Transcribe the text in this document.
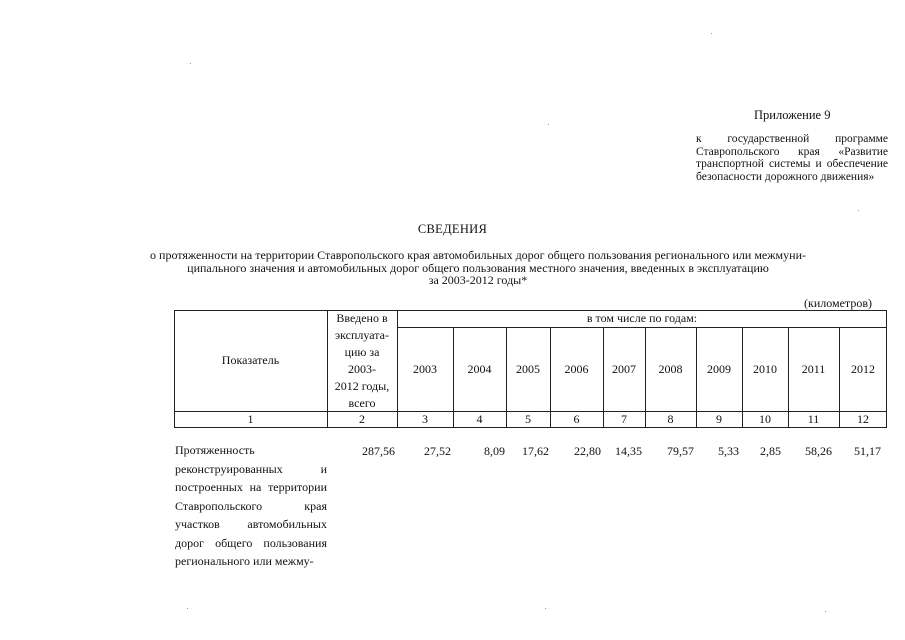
Приложение 9
к государственной программе Ставропольского края «Развитие транспортной системы и обеспечение безопасности дорожного движения»
СВЕДЕНИЯ
о протяженности на территории Ставропольского края автомобильных дорог общего пользования регионального или межмуни-
ципального значения и автомобильных дорог общего пользования местного значения, введенных в эксплуатацию
за 2003-2012 годы*
(километров)
Показатель
Введено в
эксплуата-
цию за
2003-
2012 годы,
всего
в том числе по годам:
2003	2004	2005	2006	2007	2008	2009	2010	2011	2012
1	2	3	4	5	6	7	8	9	10	11	12
Протяженность реконструированных и построенных на территории Ставропольского края участков автомобильных дорог общего пользования регионального или межму-
287,56	27,52	8,09	17,62	22,80	14,35	79,57	5,33	2,85	58,26	51,17
